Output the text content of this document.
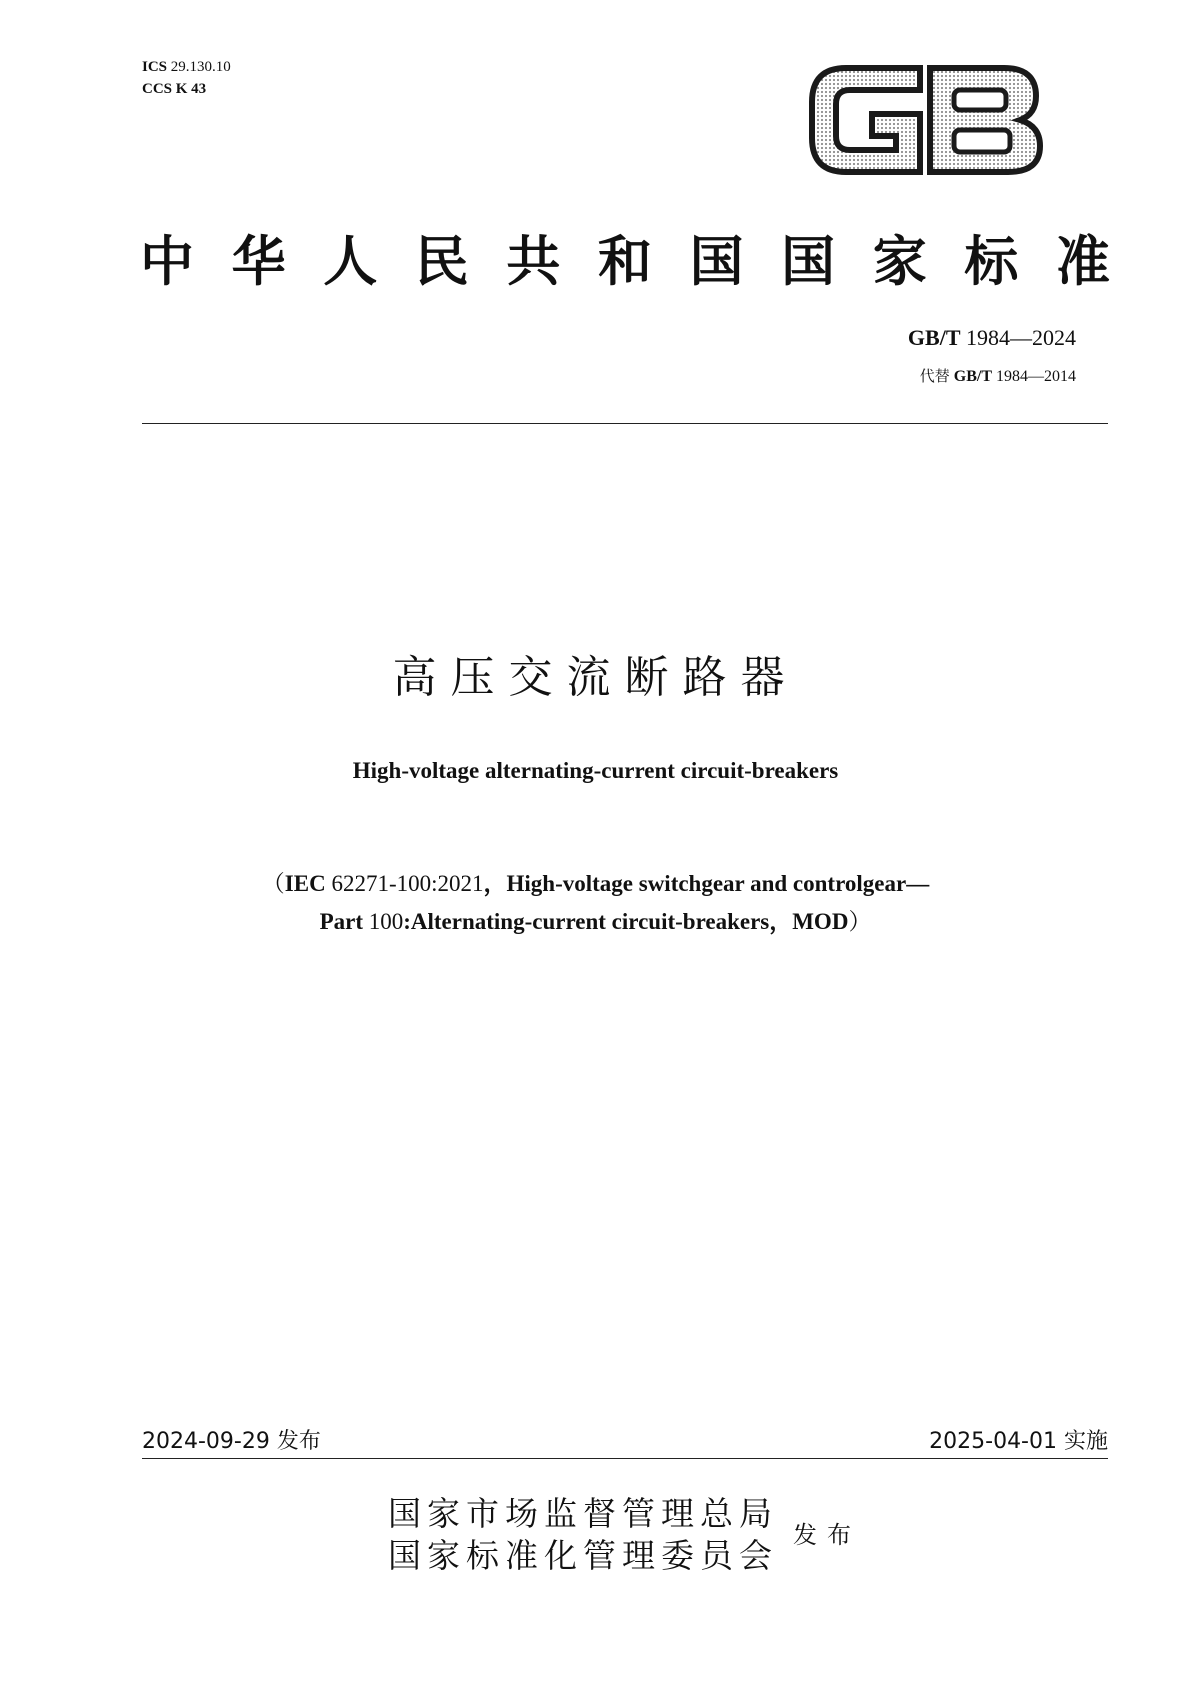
ICS 29.130.10
CCS K 43
中 华 人 民 共 和 国 国 家 标 准
GB/T 1984—2024
代替 GB/T 1984—2014
高压交流断路器
High-voltage alternating-current circuit-breakers
（IEC 62271-100:2021，High-voltage switchgear and controlgear—
Part 100:Alternating-current circuit-breakers，MOD）
2024-09-29 发布	2025-04-01 实施
国家市场监督管理总局
国家标准化管理委员会
发布
